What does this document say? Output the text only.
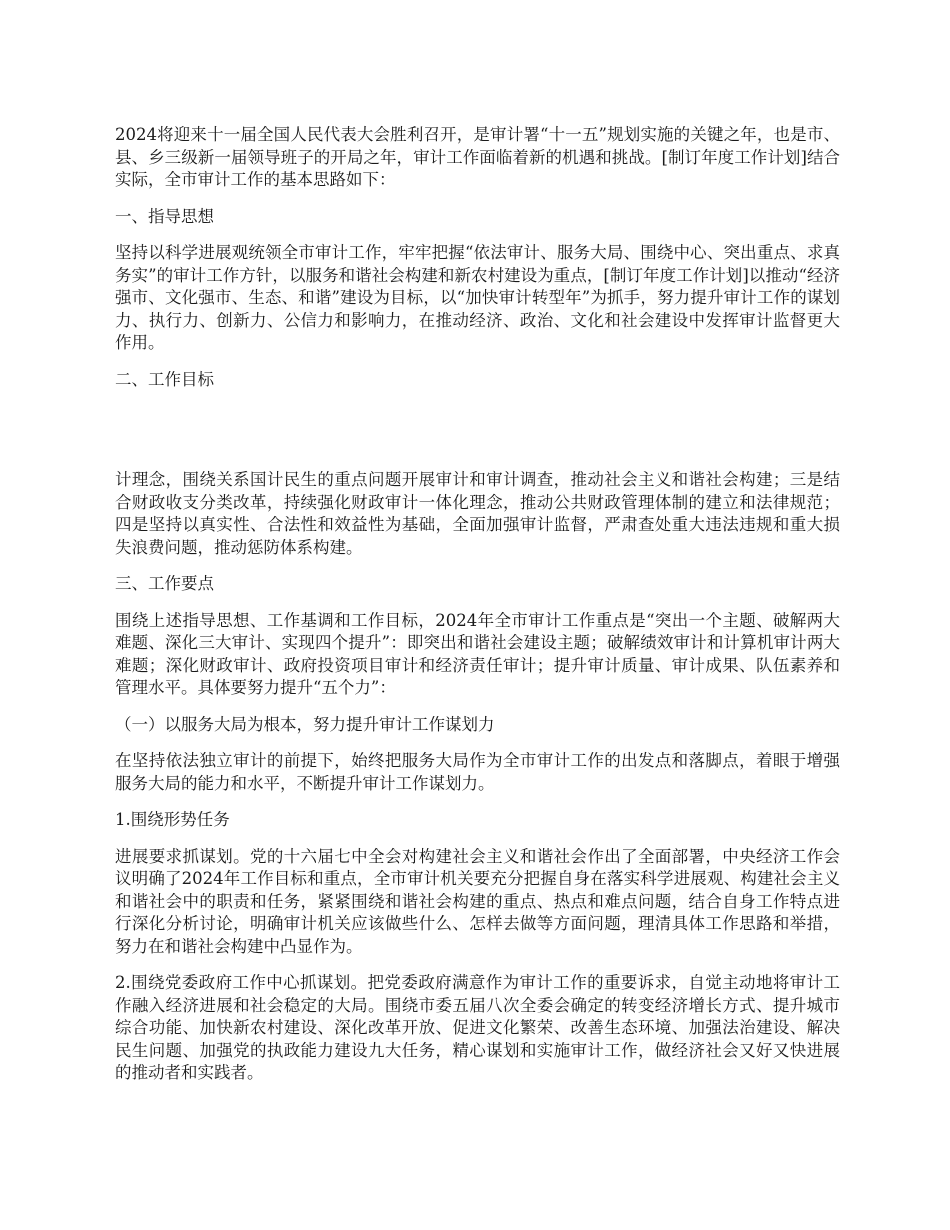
2024将迎来十一届全国人民代表大会胜利召开，是审计署“十一五”规划实施的关键之年，也是市、县、乡三级新一届领导班子的开局之年，审计工作面临着新的机遇和挑战。[制订年度工作计划]结合实际，全市审计工作的基本思路如下：

一、指导思想

坚持以科学进展观统领全市审计工作，牢牢把握“依法审计、服务大局、围绕中心、突出重点、求真务实”的审计工作方针，以服务和谐社会构建和新农村建设为重点，[制订年度工作计划]以推动“经济强市、文化强市、生态、和谐”建设为目标，以“加快审计转型年”为抓手，努力提升审计工作的谋划力、执行力、创新力、公信力和影响力，在推动经济、政治、文化和社会建设中发挥审计监督更大作用。

二、工作目标

计理念，围绕关系国计民生的重点问题开展审计和审计调查，推动社会主义和谐社会构建；三是结合财政收支分类改革，持续强化财政审计一体化理念，推动公共财政管理体制的建立和法律规范；四是坚持以真实性、合法性和效益性为基础，全面加强审计监督，严肃查处重大违法违规和重大损失浪费问题，推动惩防体系构建。

三、工作要点

围绕上述指导思想、工作基调和工作目标，2024年全市审计工作重点是“突出一个主题、破解两大难题、深化三大审计、实现四个提升”：即突出和谐社会建设主题；破解绩效审计和计算机审计两大难题；深化财政审计、政府投资项目审计和经济责任审计；提升审计质量、审计成果、队伍素养和管理水平。具体要努力提升“五个力”：

（一）以服务大局为根本，努力提升审计工作谋划力

在坚持依法独立审计的前提下，始终把服务大局作为全市审计工作的出发点和落脚点，着眼于增强服务大局的能力和水平，不断提升审计工作谋划力。

1.围绕形势任务

进展要求抓谋划。党的十六届七中全会对构建社会主义和谐社会作出了全面部署，中央经济工作会议明确了2024年工作目标和重点，全市审计机关要充分把握自身在落实科学进展观、构建社会主义和谐社会中的职责和任务，紧紧围绕和谐社会构建的重点、热点和难点问题，结合自身工作特点进行深化分析讨论，明确审计机关应该做些什么、怎样去做等方面问题，理清具体工作思路和举措，努力在和谐社会构建中凸显作为。

2.围绕党委政府工作中心抓谋划。把党委政府满意作为审计工作的重要诉求，自觉主动地将审计工作融入经济进展和社会稳定的大局。围绕市委五届八次全委会确定的转变经济增长方式、提升城市综合功能、加快新农村建设、深化改革开放、促进文化繁荣、改善生态环境、加强法治建设、解决民生问题、加强党的执政能力建设九大任务，精心谋划和实施审计工作，做经济社会又好又快进展的推动者和实践者。
